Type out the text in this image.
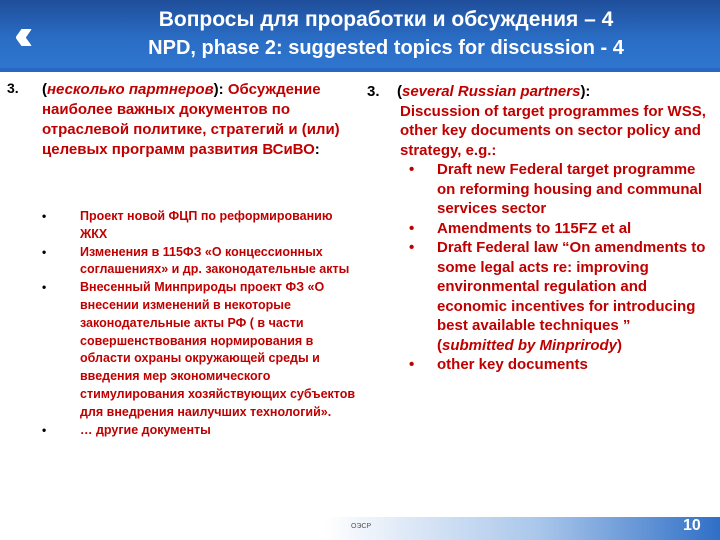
‹‹	Вопросы для проработки и обсуждения – 4
NPD, phase 2: suggested topics for discussion - 4
3. (несколько партнеров): Обсуждение наиболее важных документов по отраслевой политике, стратегий и (или) целевых программ развития ВСиВО:
•	Проект новой ФЦП по реформированию ЖКХ
•	Изменения в 115ФЗ «О концессионных соглашениях» и др. законодательные акты
•	Внесенный Минприроды проект ФЗ «О внесении изменений в некоторые законодательные акты РФ ( в части совершенствования нормирования в области охраны окружающей среды и введения мер экономического стимулирования хозяйствующих субъектов для внедрения наилучших технологий».
•	… другие документы
3. (several Russian partners):
Discussion of target programmes for WSS, other key documents on sector policy and strategy, e.g.:
• Draft new Federal target programme on reforming housing and communal services sector
• Amendments to 115FZ et al
• Draft Federal law “On amendments to some legal acts re: improving environmental regulation and economic incentives for introducing best available techniques ” (submitted by Minprirody)
• other key documents
ОЭСР	10
